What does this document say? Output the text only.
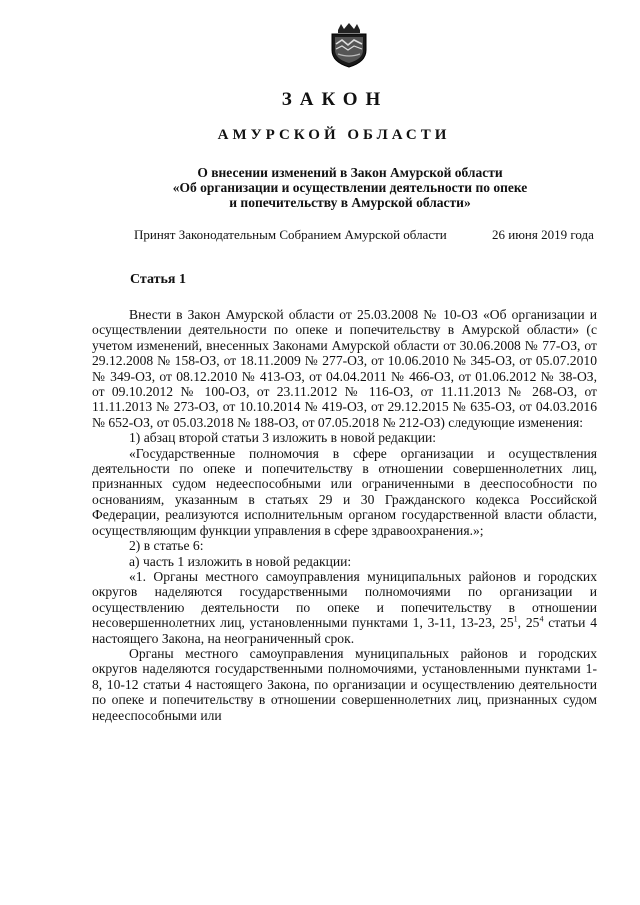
ЗАКОН
АМУРСКОЙ ОБЛАСТИ
О внесении изменений в Закон Амурской области
«Об организации и осуществлении деятельности по опеке
и попечительству в Амурской области»
Принят Законодательным Собранием Амурской области	26 июня 2019 года
Статья 1

Внести в Закон Амурской области от 25.03.2008 № 10-ОЗ «Об организации и осуществлении деятельности по опеке и попечительству в Амурской области» (с учетом изменений, внесенных Законами Амурской области от 30.06.2008 № 77-ОЗ, от 29.12.2008 № 158-ОЗ, от 18.11.2009 № 277-ОЗ, от 10.06.2010 № 345-ОЗ, от 05.07.2010 № 349-ОЗ, от 08.12.2010 № 413-ОЗ, от 04.04.2011 № 466-ОЗ, от 01.06.2012 № 38-ОЗ, от 09.10.2012 № 100-ОЗ, от 23.11.2012 № 116-ОЗ, от 11.11.2013 № 268-ОЗ, от 11.11.2013 № 273-ОЗ, от 10.10.2014 № 419-ОЗ, от 29.12.2015 № 635-ОЗ, от 04.03.2016 № 652-ОЗ, от 05.03.2018 № 188-ОЗ, от 07.05.2018 № 212-ОЗ) следующие изменения:

1) абзац второй статьи 3 изложить в новой редакции:

«Государственные полномочия в сфере организации и осуществления деятельности по опеке и попечительству в отношении совершеннолетних лиц, признанных судом недееспособными или ограниченными в дееспособности по основаниям, указанным в статьях 29 и 30 Гражданского кодекса Российской Федерации, реализуются исполнительным органом государственной власти области, осуществляющим функции управления в сфере здравоохранения.»;

2) в статье 6:

а) часть 1 изложить в новой редакции:

«1. Органы местного самоуправления муниципальных районов и городских округов наделяются государственными полномочиями по организации и осуществлению деятельности по опеке и попечительству в отношении несовершеннолетних лиц, установленными пунктами 1, 3-11, 13-23, $25^1$, $25^4$ статьи 4 настоящего Закона, на неограниченный срок.

Органы местного самоуправления муниципальных районов и городских округов наделяются государственными полномочиями, установленными пунктами 1-8, 10-12 статьи 4 настоящего Закона, по организации и осуществлению деятельности по опеке и попечительству в отношении совершеннолетних лиц, признанных судом недееспособными или
